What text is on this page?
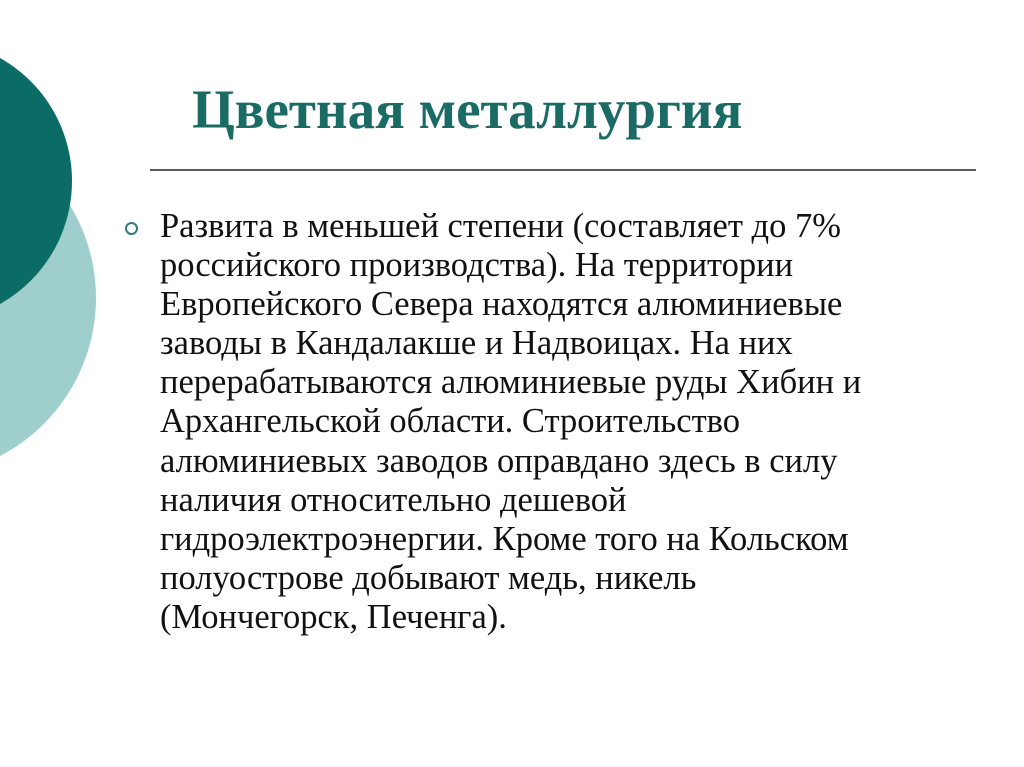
Цветная металлургия

Развита в меньшей степени (составляет до 7%
российского производства). На территории
Европейского Севера находятся алюминиевые
заводы в Кандалакше и Надвоицах. На них
перерабатываются алюминиевые руды Хибин и
Архангельской области. Строительство
алюминиевых заводов оправдано здесь в силу
наличия относительно дешевой
гидроэлектроэнергии. Кроме того на Кольском
полуострове добывают медь, никель
(Мончегорск, Печенга).
